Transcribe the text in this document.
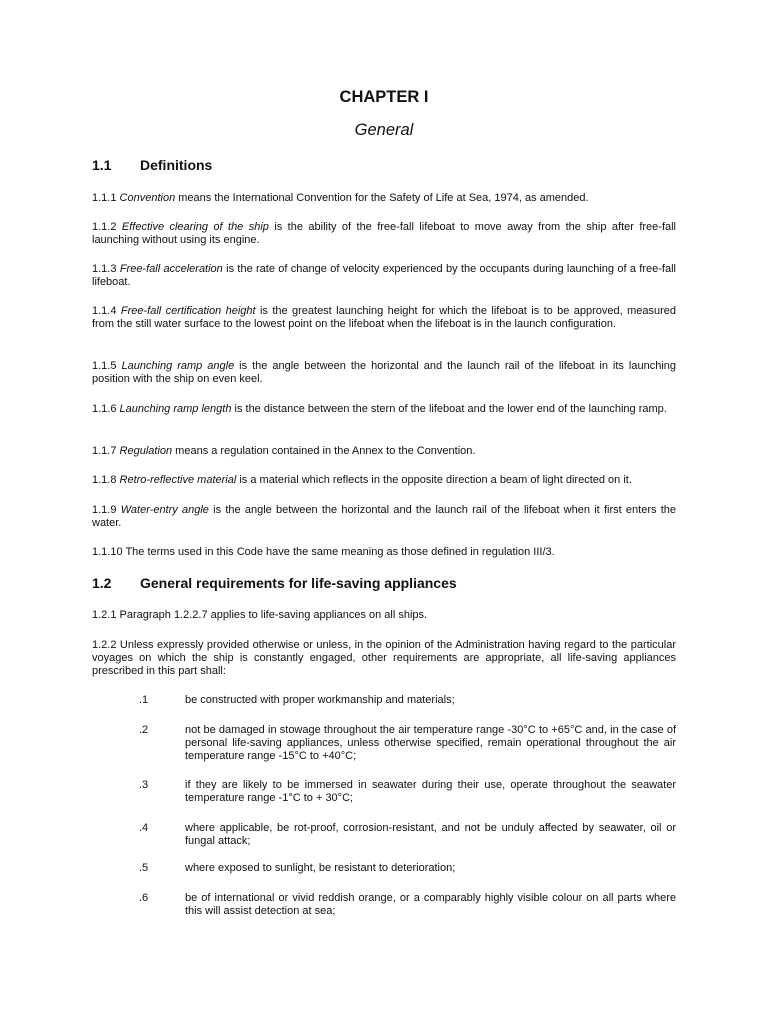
CHAPTER I
General
1.1 Definitions
1.1.1 Convention means the International Convention for the Safety of Life at Sea, 1974, as amended.
1.1.2 Effective clearing of the ship is the ability of the free-fall lifeboat to move away from the ship after free-fall launching without using its engine.
1.1.3 Free-fall acceleration is the rate of change of velocity experienced by the occupants during launching of a free-fall lifeboat.
1.1.4 Free-fall certification height is the greatest launching height for which the lifeboat is to be approved, measured from the still water surface to the lowest point on the lifeboat when the lifeboat is in the launch configuration.
1.1.5 Launching ramp angle is the angle between the horizontal and the launch rail of the lifeboat in its launching position with the ship on even keel.
1.1.6 Launching ramp length is the distance between the stern of the lifeboat and the lower end of the launching ramp.
1.1.7 Regulation means a regulation contained in the Annex to the Convention.
1.1.8 Retro-reflective material is a material which reflects in the opposite direction a beam of light directed on it.
1.1.9 Water-entry angle is the angle between the horizontal and the launch rail of the lifeboat when it first enters the water.
1.1.10 The terms used in this Code have the same meaning as those defined in regulation III/3.
1.2 General requirements for life-saving appliances
1.2.1 Paragraph 1.2.2.7 applies to life-saving appliances on all ships.
1.2.2 Unless expressly provided otherwise or unless, in the opinion of the Administration having regard to the particular voyages on which the ship is constantly engaged, other requirements are appropriate, all life-saving appliances prescribed in this part shall:
.1	be constructed with proper workmanship and materials;
.2	not be damaged in stowage throughout the air temperature range -30°C to +65°C and, in the case of personal life-saving appliances, unless otherwise specified, remain operational throughout the air temperature range -15°C to +40°C;
.3	if they are likely to be immersed in seawater during their use, operate throughout the seawater temperature range -1°C to + 30°C;
.4	where applicable, be rot-proof, corrosion-resistant, and not be unduly affected by seawater, oil or fungal attack;
.5	where exposed to sunlight, be resistant to deterioration;
.6	be of international or vivid reddish orange, or a comparably highly visible colour on all parts where this will assist detection at sea;
